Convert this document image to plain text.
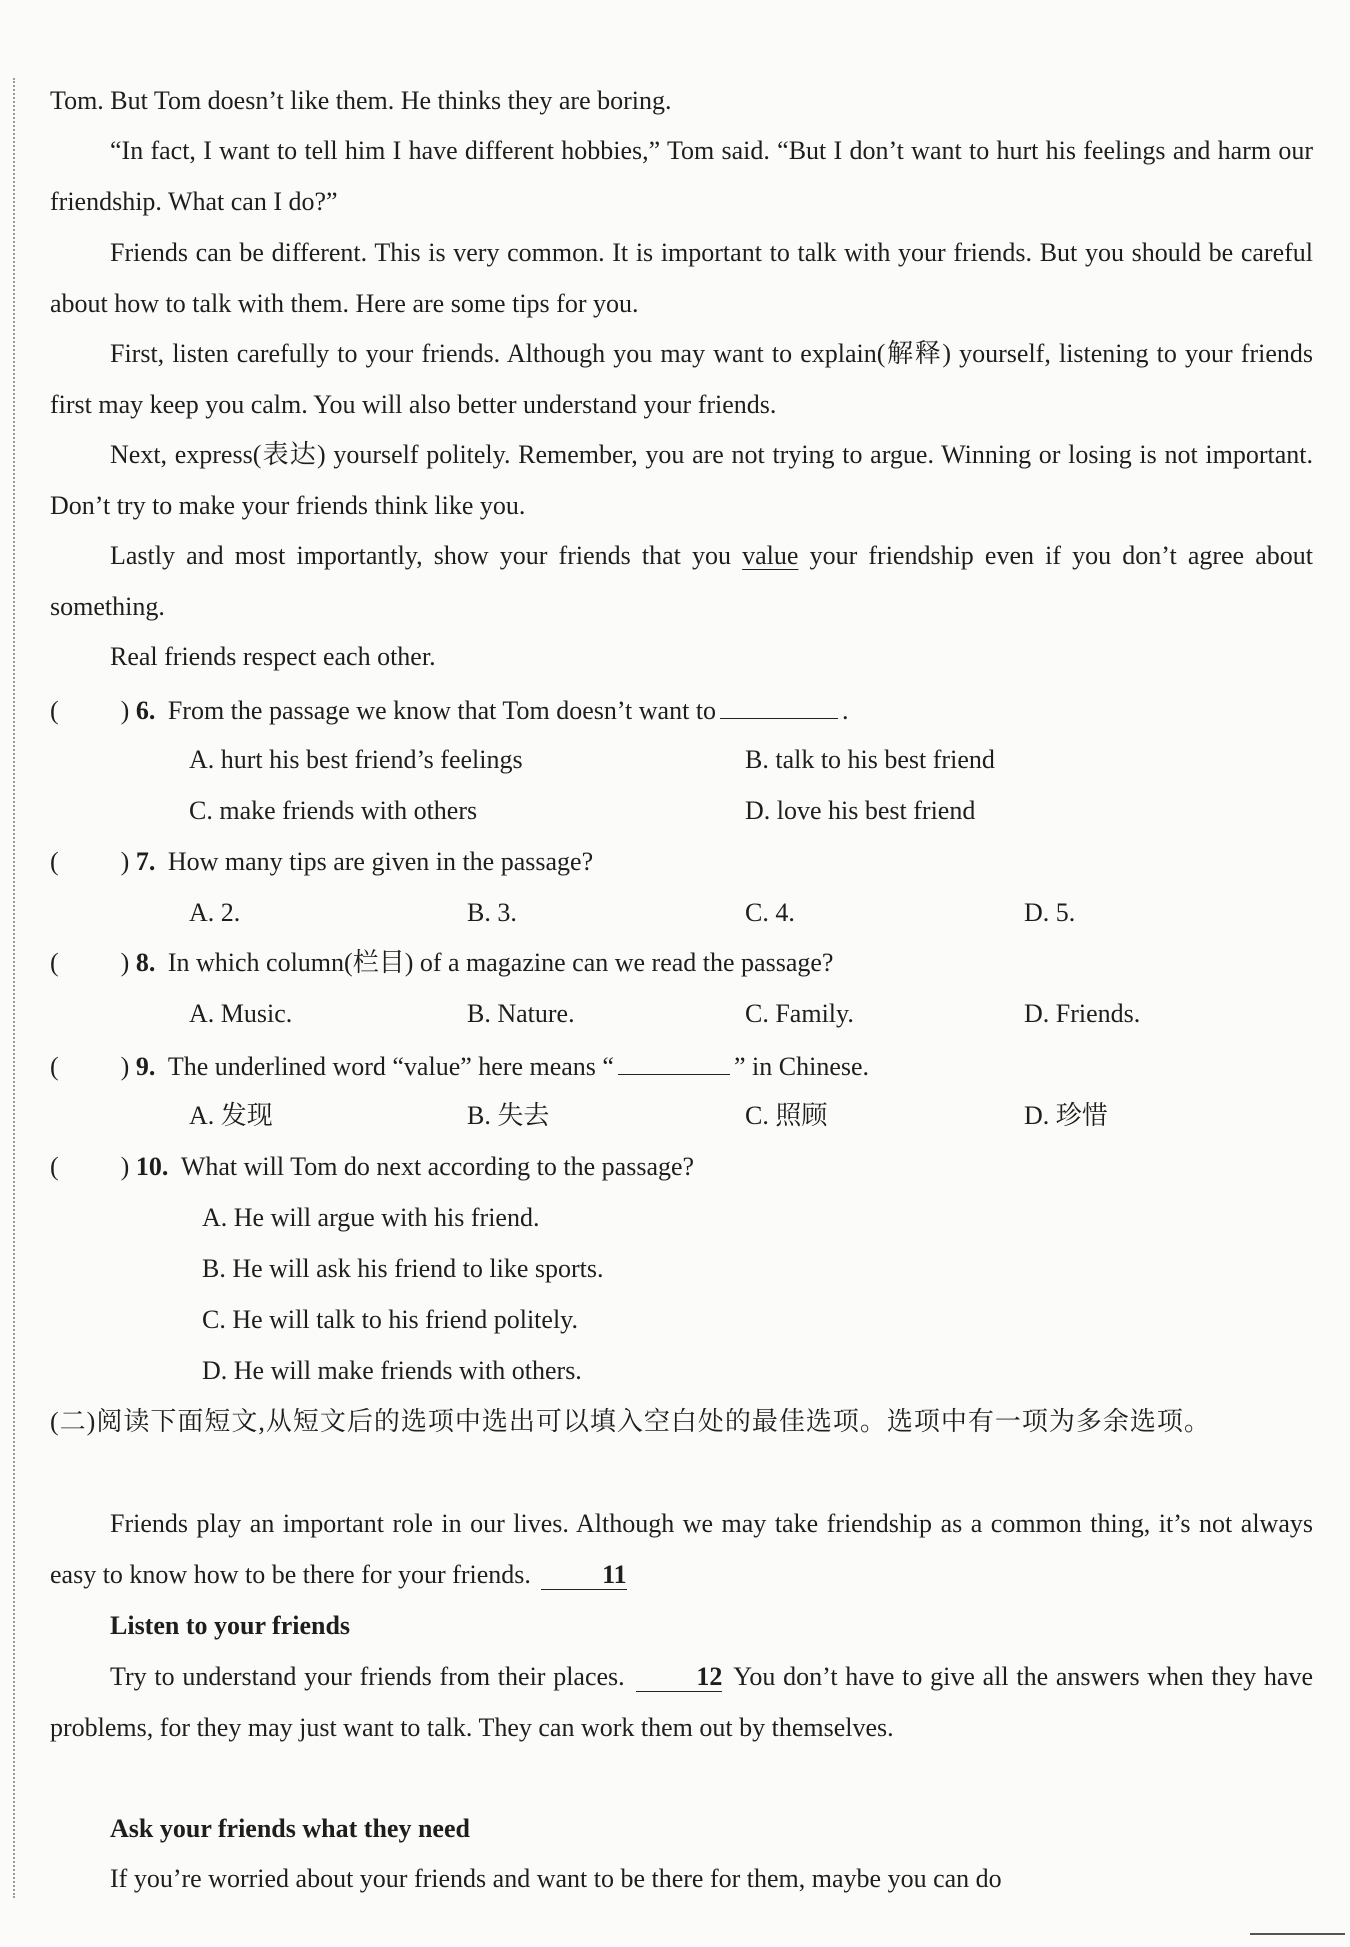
Tom. But Tom doesn’t like them. He thinks they are boring.
“In fact, I want to tell him I have different hobbies,” Tom said. “But I don’t want to hurt his feelings and harm our friendship. What can I do?”
Friends can be different. This is very common. It is important to talk with your friends. But you should be careful about how to talk with them. Here are some tips for you.
First, listen carefully to your friends. Although you may want to explain(解释) yourself, listening to your friends first may keep you calm. You will also better understand your friends.
Next, express(表达) yourself politely. Remember, you are not trying to argue. Winning or losing is not important. Don’t try to make your friends think like you.
Lastly and most importantly, show your friends that you value your friendship even if you don’t agree about something.
Real friends respect each other.
( ) 6. From the passage we know that Tom doesn’t want to	.
A. hurt his best friend’s feelings	B. talk to his best friend
C. make friends with others	D. love his best friend
( ) 7. How many tips are given in the passage?
A. 2.	B. 3.	C. 4.	D. 5.
( ) 8. In which column(栏目) of a magazine can we read the passage?
A. Music.	B. Nature.	C. Family.	D. Friends.
( ) 9. The underlined word “value” here means “	” in Chinese.
A. 发现	B. 失去	C. 照顾	D. 珍惜
( ) 10. What will Tom do next according to the passage?
A. He will argue with his friend.
B. He will ask his friend to like sports.
C. He will talk to his friend politely.
D. He will make friends with others.
(二)阅读下面短文,从短文后的选项中选出可以填入空白处的最佳选项。选项中有一项为多余选项。
Friends play an important role in our lives. Although we may take friendship as a common thing, it’s not always easy to know how to be there for your friends.	11
Listen to your friends
Try to understand your friends from their places.	12 You don’t have to give all the answers when they have problems, for they may just want to talk. They can work them out by themselves.
Ask your friends what they need
If you’re worried about your friends and want to be there for them, maybe you can do
